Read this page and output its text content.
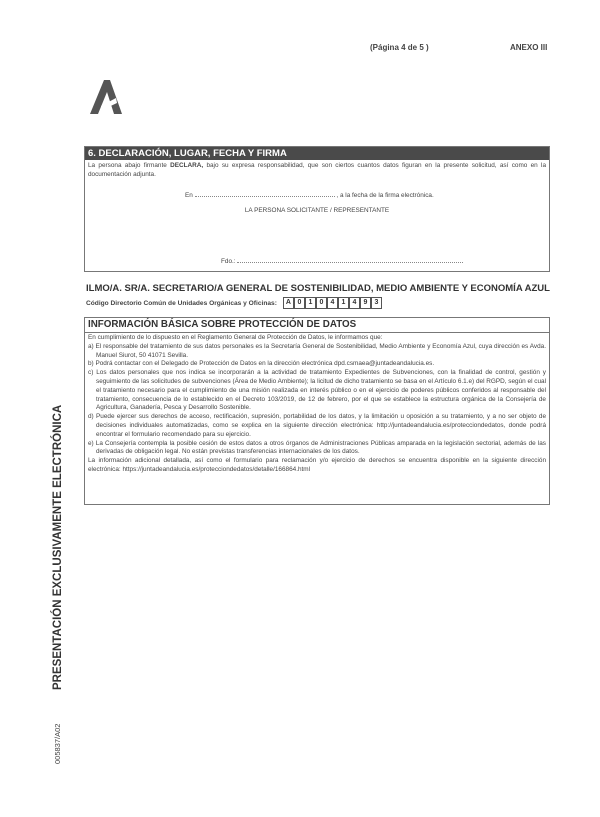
(Página 4 de 5 )	ANEXO III
6. DECLARACIÓN, LUGAR, FECHA Y FIRMA
La persona abajo firmante DECLARA, bajo su expresa responsabilidad, que son ciertos cuantos datos figuran en la presente solicitud, así como en la documentación adjunta.
En	, a la fecha de la firma electrónica.
LA PERSONA SOLICITANTE / REPRESENTANTE
Fdo.:
ILMO/A. SR/A. SECRETARIO/A GENERAL DE SOSTENIBILIDAD, MEDIO AMBIENTE Y ECONOMÍA AZUL
Código Directorio Común de Unidades Orgánicas y Oficinas:	A 0	1	0	4	1	4	9	3
INFORMACIÓN BÁSICA SOBRE PROTECCIÓN DE DATOS
En cumplimiento de lo dispuesto en el Reglamento General de Protección de Datos, le informamos que:
a) El responsable del tratamiento de sus datos personales es la Secretaría General de Sostenibilidad, Medio Ambiente y Economía Azul, cuya dirección es Avda. Manuel Siurot, 50 41071 Sevilla.
b) Podrá contactar con el Delegado de Protección de Datos en la dirección electrónica dpd.csmaea@juntadeandalucia.es.
c) Los datos personales que nos indica se incorporarán a la actividad de tratamiento Expedientes de Subvenciones, con la finalidad de control, gestión y seguimiento de las solicitudes de subvenciones (Área de Medio Ambiente); la licitud de dicho tratamiento se basa en el Artículo 6.1.e) del RGPD, según el cual el tratamiento necesario para el cumplimiento de una misión realizada en interés público o en el ejercicio de poderes públicos conferidos al responsable del tratamiento, consecuencia de lo establecido en el Decreto 103/2019, de 12 de febrero, por el que se establece la estructura orgánica de la Consejería de Agricultura, Ganadería, Pesca y Desarrollo Sostenible.
d) Puede ejercer sus derechos de acceso, rectificación, supresión, portabilidad de los datos, y la limitación u oposición a su tratamiento, y a no ser objeto de decisiones individuales automatizadas, como se explica en la siguiente dirección electrónica: http://juntadeandalucia.es/protecciondedatos, donde podrá encontrar el formulario recomendado para su ejercicio.
e) La Consejería contempla la posible cesión de estos datos a otros órganos de Administraciones Públicas amparada en la legislación sectorial, además de las derivadas de obligación legal. No están previstas transferencias internacionales de los datos.
La información adicional detallada, así como el formulario para reclamación y/o ejercicio de derechos se encuentra disponible en la siguiente dirección electrónica: https://juntadeandalucia.es/protecciondedatos/detalle/166864.html
PRESENTACIÓN EXCLUSIVAMENTE ELECTRÓNICA
005837/A02
